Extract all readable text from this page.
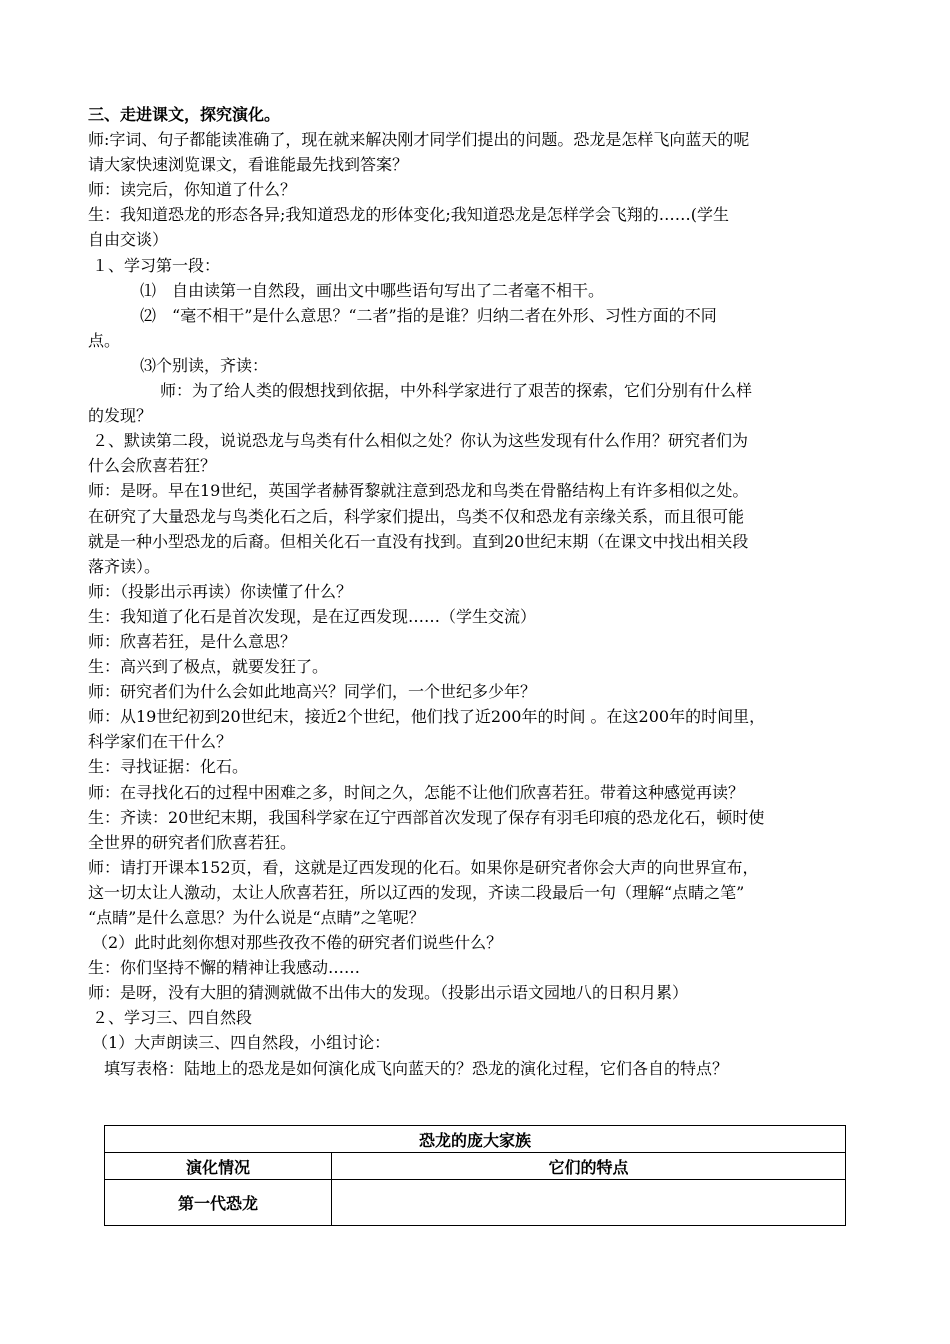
三、走进课文，探究演化。
师:字词、句子都能读准确了，现在就来解决刚才同学们提出的问题。恐龙是怎样飞向蓝天的呢
请大家快速浏览课文，看谁能最先找到答案？
师：读完后，你知道了什么？
生：我知道恐龙的形态各异;我知道恐龙的形体变化;我知道恐龙是怎样学会飞翔的……(学生
自由交谈）
１、学习第一段：
⑴ 自由读第一自然段，画出文中哪些语句写出了二者毫不相干。
⑵ “毫不相干”是什么意思？“二者”指的是谁？归纳二者在外形、习性方面的不同
点。
⑶个别读，齐读：
师：为了给人类的假想找到依据，中外科学家进行了艰苦的探索，它们分别有什么样
的发现？
２、默读第二段，说说恐龙与鸟类有什么相似之处？你认为这些发现有什么作用？研究者们为
什么会欣喜若狂？
师：是呀。早在19世纪，英国学者赫胥黎就注意到恐龙和鸟类在骨骼结构上有许多相似之处。
在研究了大量恐龙与鸟类化石之后，科学家们提出，鸟类不仅和恐龙有亲缘关系，而且很可能
就是一种小型恐龙的后裔。但相关化石一直没有找到。直到20世纪末期（在课文中找出相关段
落齐读）。
师：（投影出示再读）你读懂了什么？
生：我知道了化石是首次发现，是在辽西发现……（学生交流）
师：欣喜若狂，是什么意思？
生：高兴到了极点，就要发狂了。
师：研究者们为什么会如此地高兴？同学们，一个世纪多少年？
师：从19世纪初到20世纪末，接近2个世纪，他们找了近200年的时间 。在这200年的时间里，
科学家们在干什么？
生：寻找证据：化石。
师：在寻找化石的过程中困难之多，时间之久，怎能不让他们欣喜若狂。带着这种感觉再读？
生：齐读：20世纪末期，我国科学家在辽宁西部首次发现了保存有羽毛印痕的恐龙化石，顿时使
全世界的研究者们欣喜若狂。
师：请打开课本152页，看，这就是辽西发现的化石。如果你是研究者你会大声的向世界宣布，
这一切太让人激动，太让人欣喜若狂，所以辽西的发现，齐读二段最后一句（理解“点睛之笔”
“点睛”是什么意思？为什么说是“点睛”之笔呢？
（2）此时此刻你想对那些孜孜不倦的研究者们说些什么？
生：你们坚持不懈的精神让我感动……
师：是呀，没有大胆的猜测就做不出伟大的发现。（投影出示语文园地八的日积月累）
２、学习三、四自然段
（1）大声朗读三、四自然段，小组讨论：
填写表格：陆地上的恐龙是如何演化成飞向蓝天的？恐龙的演化过程，它们各自的特点？
恐龙的庞大家族	
演化情况	它们的特点
第一代恐龙	
